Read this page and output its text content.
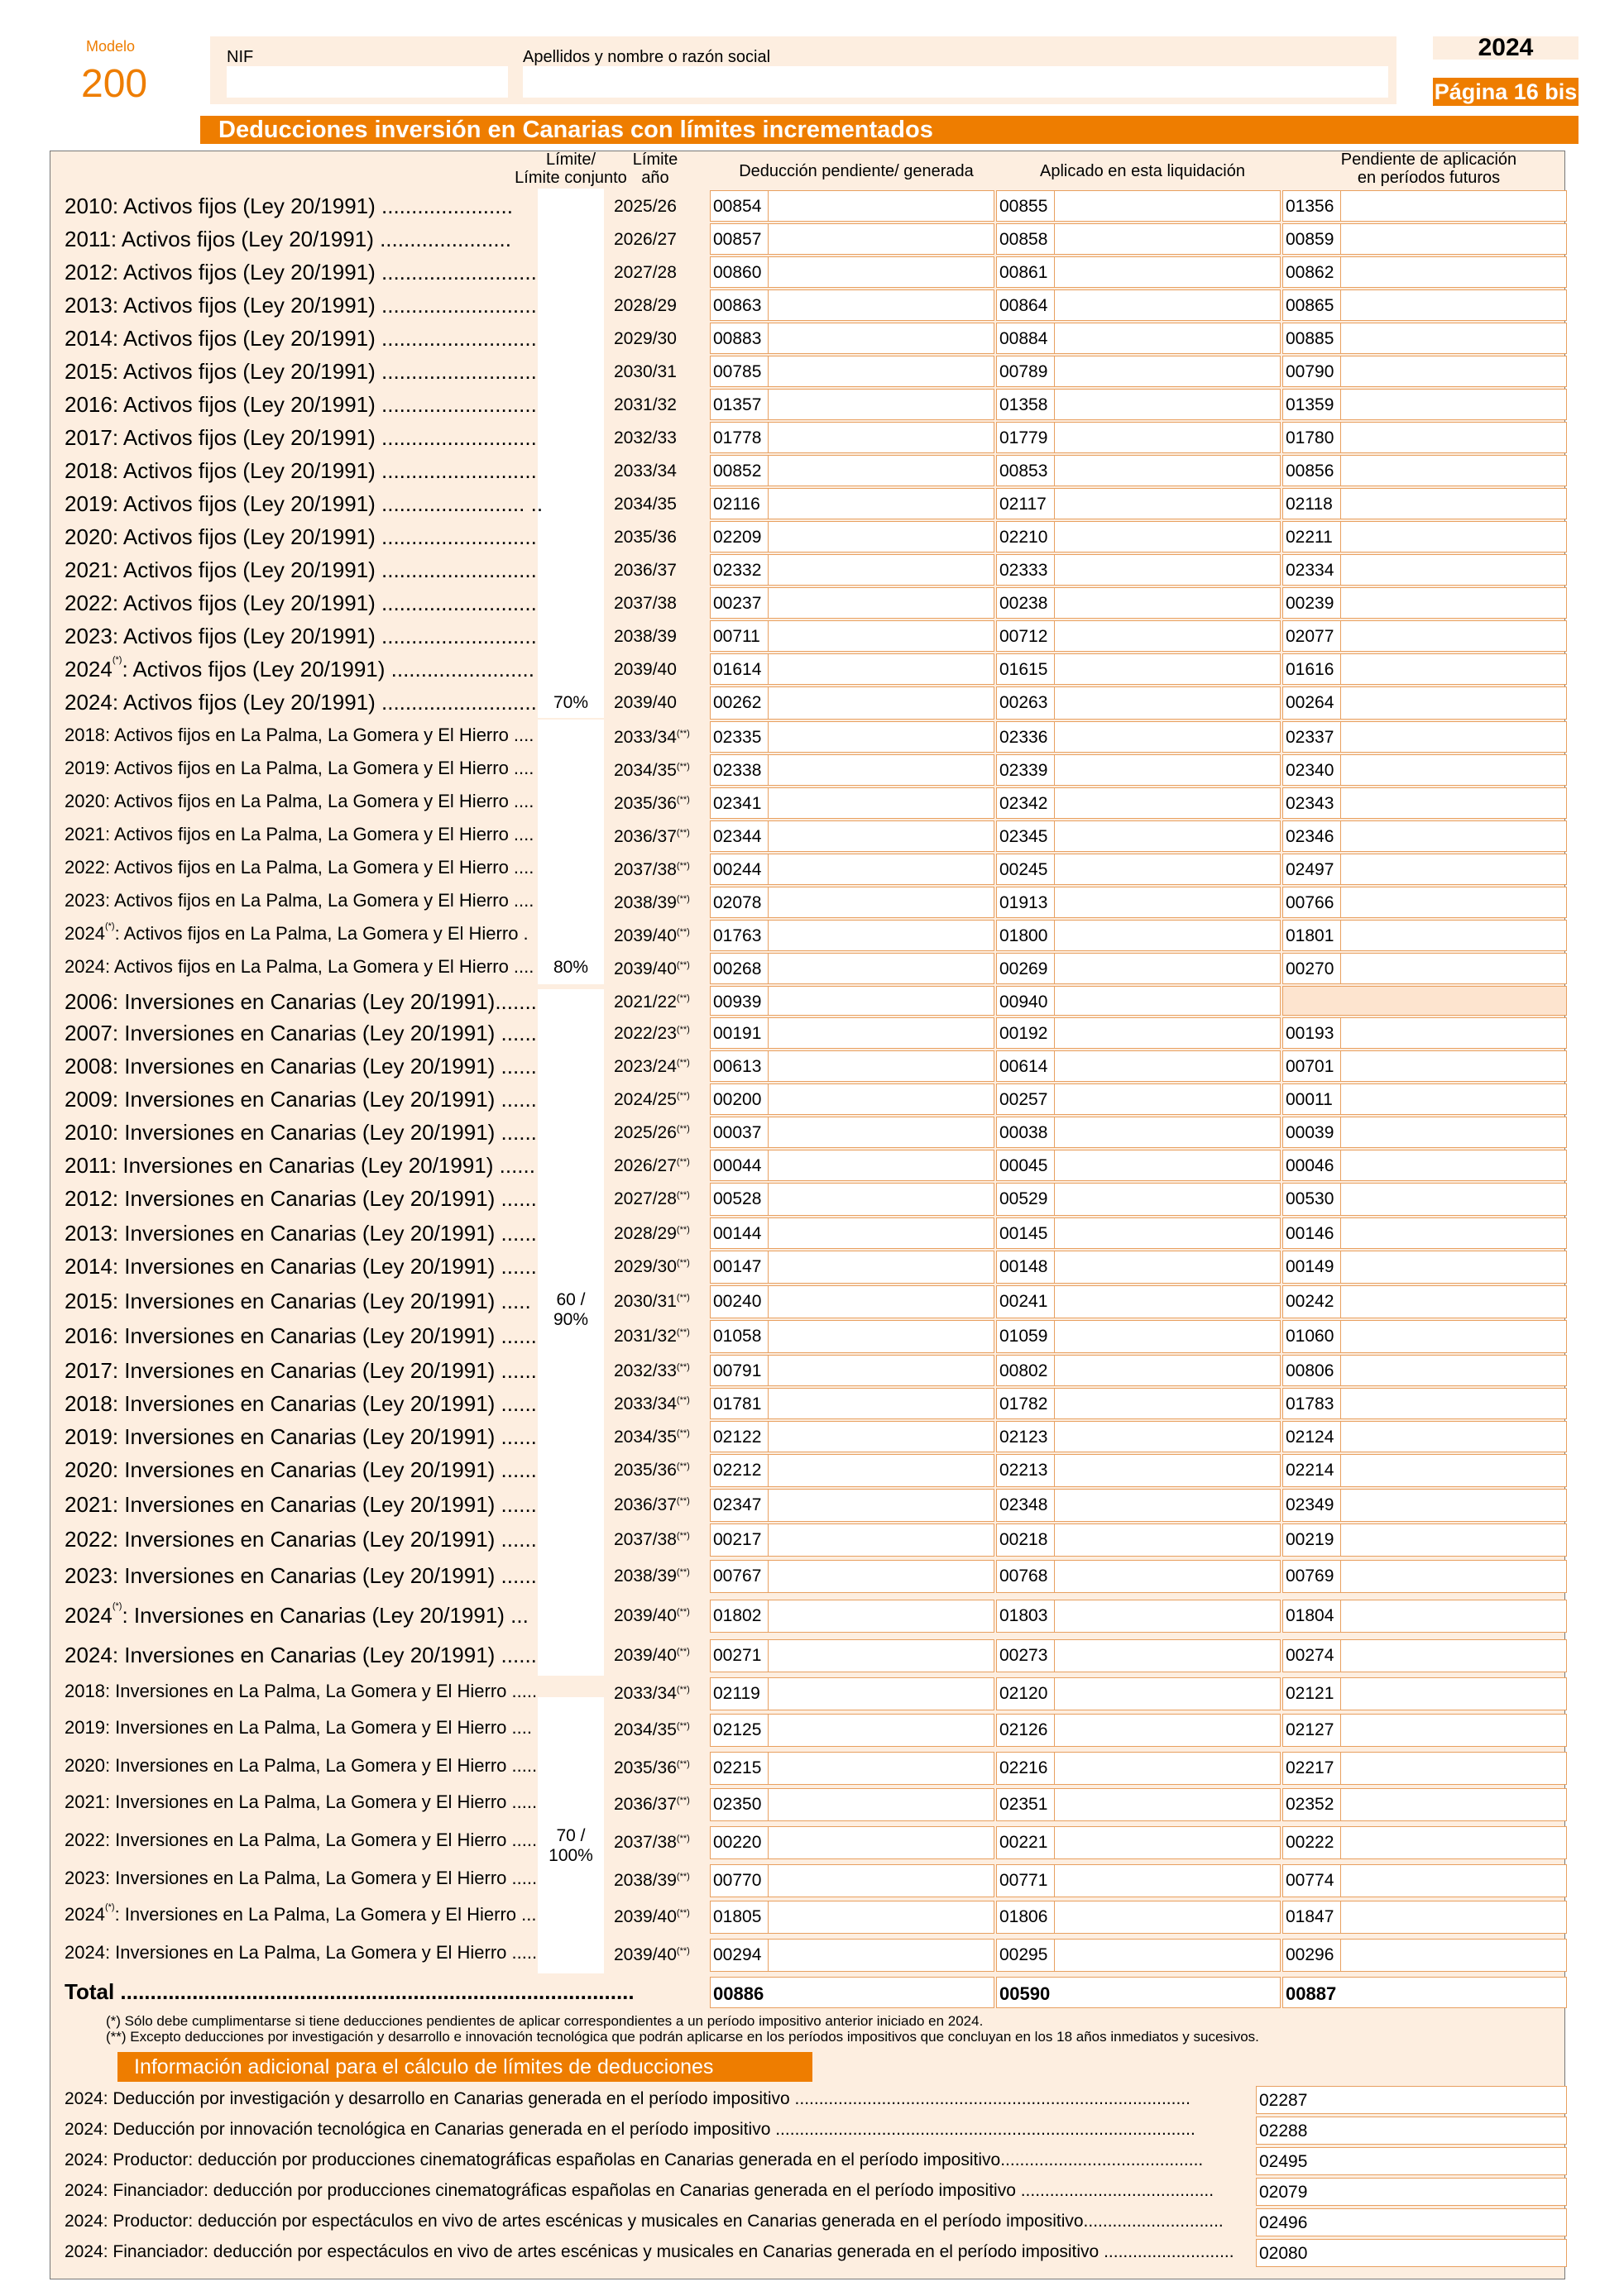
Modelo
200
NIF	Apellidos y nombre o razón social	2024
Página 16 bis
Deducciones inversión en Canarias con límites incrementados
Límite/
Límite conjunto
Límite
año	Deducción pendiente/ generada	Aplicado en esta liquidación
Pendiente de aplicación
en períodos futuros
70%
80%
60 /
90%
70 /
100%
2010: Activos fijos (Ley 20/1991) ......................	2025/26	00854	00855	01356
2011: Activos fijos (Ley 20/1991) ......................	2026/27	00857	00858	00859
2012: Activos fijos (Ley 20/1991) ..........................	2027/28	00860	00861	00862
2013: Activos fijos (Ley 20/1991) ..........................	2028/29	00863	00864	00865
2014: Activos fijos (Ley 20/1991) ..........................	2029/30	00883	00884	00885
2015: Activos fijos (Ley 20/1991) ..........................	2030/31	00785	00789	00790
2016: Activos fijos (Ley 20/1991) ..........................	2031/32	01357	01358	01359
2017: Activos fijos (Ley 20/1991) ..........................	2032/33	01778	01779	01780
2018: Activos fijos (Ley 20/1991) ..........................	2033/34	00852	00853	00856
2019: Activos fijos (Ley 20/1991) ........................ ..	2034/35	02116	02117	02118
2020: Activos fijos (Ley 20/1991) ..........................	2035/36	02209	02210	02211
2021: Activos fijos (Ley 20/1991) ..........................	2036/37	02332	02333	02334
2022: Activos fijos (Ley 20/1991) ..........................	2037/38	00237	00238	00239
2023: Activos fijos (Ley 20/1991) ..........................	2038/39	00711	00712	02077
2024(*): Activos fijos (Ley 20/1991) ........................	2039/40	01614	01615	01616
2024: Activos fijos (Ley 20/1991) ..........................	2039/40	00262	00263	00264
2018: Activos fijos en La Palma, La Gomera y El Hierro ....	2033/34(**)	02335	02336	02337
2019: Activos fijos en La Palma, La Gomera y El Hierro ....	2034/35(**)	02338	02339	02340
2020: Activos fijos en La Palma, La Gomera y El Hierro ....	2035/36(**)	02341	02342	02343
2021: Activos fijos en La Palma, La Gomera y El Hierro ....	2036/37(**)	02344	02345	02346
2022: Activos fijos en La Palma, La Gomera y El Hierro ....	2037/38(**)	00244	00245	02497
2023: Activos fijos en La Palma, La Gomera y El Hierro ....	2038/39(**)	02078	01913	00766
2024(*): Activos fijos en La Palma, La Gomera y El Hierro .	2039/40(**)	01763	01800	01801
2024: Activos fijos en La Palma, La Gomera y El Hierro ....	2039/40(**)	00268	00269	00270
2006: Inversiones en Canarias (Ley 20/1991).......	2021/22(**)	00939	00940
2007: Inversiones en Canarias (Ley 20/1991) ......	2022/23(**)	00191	00192	00193
2008: Inversiones en Canarias (Ley 20/1991) ......	2023/24(**)	00613	00614	00701
2009: Inversiones en Canarias (Ley 20/1991) ......	2024/25(**)	00200	00257	00011
2010: Inversiones en Canarias (Ley 20/1991) ......	2025/26(**)	00037	00038	00039
2011: Inversiones en Canarias (Ley 20/1991) ......	2026/27(**)	00044	00045	00046
2012: Inversiones en Canarias (Ley 20/1991) ......	2027/28(**)	00528	00529	00530
2013: Inversiones en Canarias (Ley 20/1991) ......	2028/29(**)	00144	00145	00146
2014: Inversiones en Canarias (Ley 20/1991) ......	2029/30(**)	00147	00148	00149
2015: Inversiones en Canarias (Ley 20/1991) .....	2030/31(**)	00240	00241	00242
2016: Inversiones en Canarias (Ley 20/1991) ......	2031/32(**)	01058	01059	01060
2017: Inversiones en Canarias (Ley 20/1991) ......	2032/33(**)	00791	00802	00806
2018: Inversiones en Canarias (Ley 20/1991) ......	2033/34(**)	01781	01782	01783
2019: Inversiones en Canarias (Ley 20/1991) ......	2034/35(**)	02122	02123	02124
2020: Inversiones en Canarias (Ley 20/1991) ......	2035/36(**)	02212	02213	02214
2021: Inversiones en Canarias (Ley 20/1991) ......	2036/37(**)	02347	02348	02349
2022: Inversiones en Canarias (Ley 20/1991) ......	2037/38(**)	00217	00218	00219
2023: Inversiones en Canarias (Ley 20/1991) ......	2038/39(**)	00767	00768	00769
2024(*): Inversiones en Canarias (Ley 20/1991) ...	2039/40(**)	01802	01803	01804
2024: Inversiones en Canarias (Ley 20/1991) ......	2039/40(**)	00271	00273	00274
2018: Inversiones en La Palma, La Gomera y El Hierro .....	2033/34(**)	02119	02120	02121
2019: Inversiones en La Palma, La Gomera y El Hierro ....	2034/35(**)	02125	02126	02127
2020: Inversiones en La Palma, La Gomera y El Hierro .....	2035/36(**)	02215	02216	02217
2021: Inversiones en La Palma, La Gomera y El Hierro .....	2036/37(**)	02350	02351	02352
2022: Inversiones en La Palma, La Gomera y El Hierro .....	2037/38(**)	00220	00221	00222
2023: Inversiones en La Palma, La Gomera y El Hierro .....	2038/39(**)	00770	00771	00774
2024(*): Inversiones en La Palma, La Gomera y El Hierro ...	2039/40(**)	01805	01806	01847
2024: Inversiones en La Palma, La Gomera y El Hierro .....	2039/40(**)	00294	00295	00296
Total ......................................................................................	00886	00590	00887
(*) Sólo debe cumplimentarse si tiene deducciones pendientes de aplicar correspondientes a un período impositivo anterior iniciado en 2024.
(**) Excepto deducciones por investigación y desarrollo e innovación tecnológica que podrán aplicarse en los períodos impositivos que concluyan en los 18 años inmediatos y sucesivos.
Información adicional para el cálculo de límites de deducciones
2024: Deducción por investigación y desarrollo en Canarias generada en el período impositivo ..................................................................................	02287
2024: Deducción por innovación tecnológica en Canarias generada en el período impositivo .......................................................................................	02288
2024: Productor: deducción por producciones cinematográficas españolas en Canarias generada en el período impositivo..........................................	02495
2024: Financiador: deducción por producciones cinematográficas españolas en Canarias generada en el período impositivo ........................................	02079
2024: Productor: deducción por espectáculos en vivo de artes escénicas y musicales en Canarias generada en el período impositivo............................. 02496
2024: Financiador: deducción por espectáculos en vivo de artes escénicas y musicales en Canarias generada en el período impositivo ........................... 02080
